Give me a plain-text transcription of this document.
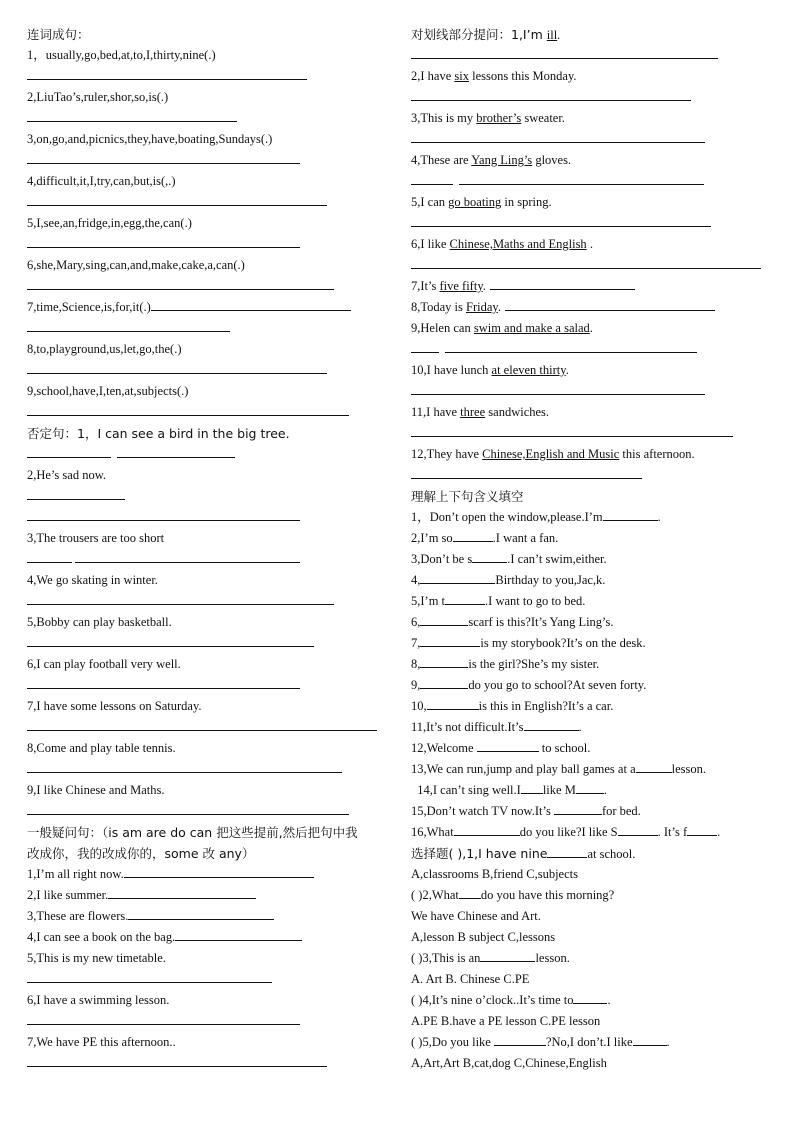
连词成句：
1，usually,go,bed,at,to,I,thirty,nine(.)
2,LiuTao’s,ruler,shor,so,is(.)
3,on,go,and,picnics,they,have,boating,Sundays(.)
4,difficult,it,I,try,can,but,is(,.)
5,I,see,an,fridge,in,egg,the,can(.)
6,she,Mary,sing,can,and,make,cake,a,can(.)
7,time,Science,is,for,it(.)
8,to,playground,us,let,go,the(.)
9,school,have,I,ten,at,subjects(.)
否定句：1，I can see a bird in the big tree.

2,He’s sad now.
3,The trousers are too short

4,We go skating in winter.
5,Bobby can play basketball.
6,I can play football very well.
7,I have some lessons on Saturday.
8,Come and play table tennis.
9,I like Chinese and Maths.
一般疑问句：（is am are do can 把这些提前,然后把句中我
改成你，我的改成你的，some 改 any）
1,I’m all right now.
2,I like summer.
3,These are flowers.
4,I can see a book on the bag.
5,This is my new timetable.
6,I have a swimming lesson.
7,We have PE this afternoon..
对划线部分提问：1,I’m ill.
2,I have six lessons this Monday.
3,This is my brother’s sweater.
4,These are Yang Ling’s gloves.

5,I can go boating in spring.
6,I like Chinese,Maths and English .
7,It’s five fifty.
8,Today is Friday.
9,Helen can swim and make a salad.

10,I have lunch at eleven thirty.
11,I have three sandwiches.
12,They have Chinese,English and Music this afternoon.
理解上下句含义填空
1，Don’t open the window,please.I’m	.
2,I’m so	.I want a fan.
3,Don’t be s	.I can’t swim,either.
4,	Birthday to you,Jac,k.
5,I’m t	.I want to go to bed.
6,	scarf is this?It’s Yang Ling’s.
7,	is my storybook?It’s on the desk.
8,	is the girl?She’s my sister.
9,	do you go to school?At seven forty.
10,	is this in English?It’s a car.
11,It’s not difficult.It’s	.
12,Welcome	to school.
13,We can run,jump and play ball games at a	lesson.
14,I can’t sing well.I like M .
15,Don’t watch TV now.It’s	for bed.
16,What	do you like?I like S	. It’s f .
选择题( ),1,I have nine	at school.
A,classrooms B,friend C,subjects
( )2,What do you have this morning?
We have Chinese and Art.
A,lesson B subject C,lessons
( )3,This is an	lesson.
A. Art B. Chinese C.PE
( )4,It’s nine o’clock..It’s time to	.
A.PE B.have a PE lesson C.PE lesson
( )5,Do you like	?No,I don’t.I like	.
A,Art,Art B,cat,dog C,Chinese,English
